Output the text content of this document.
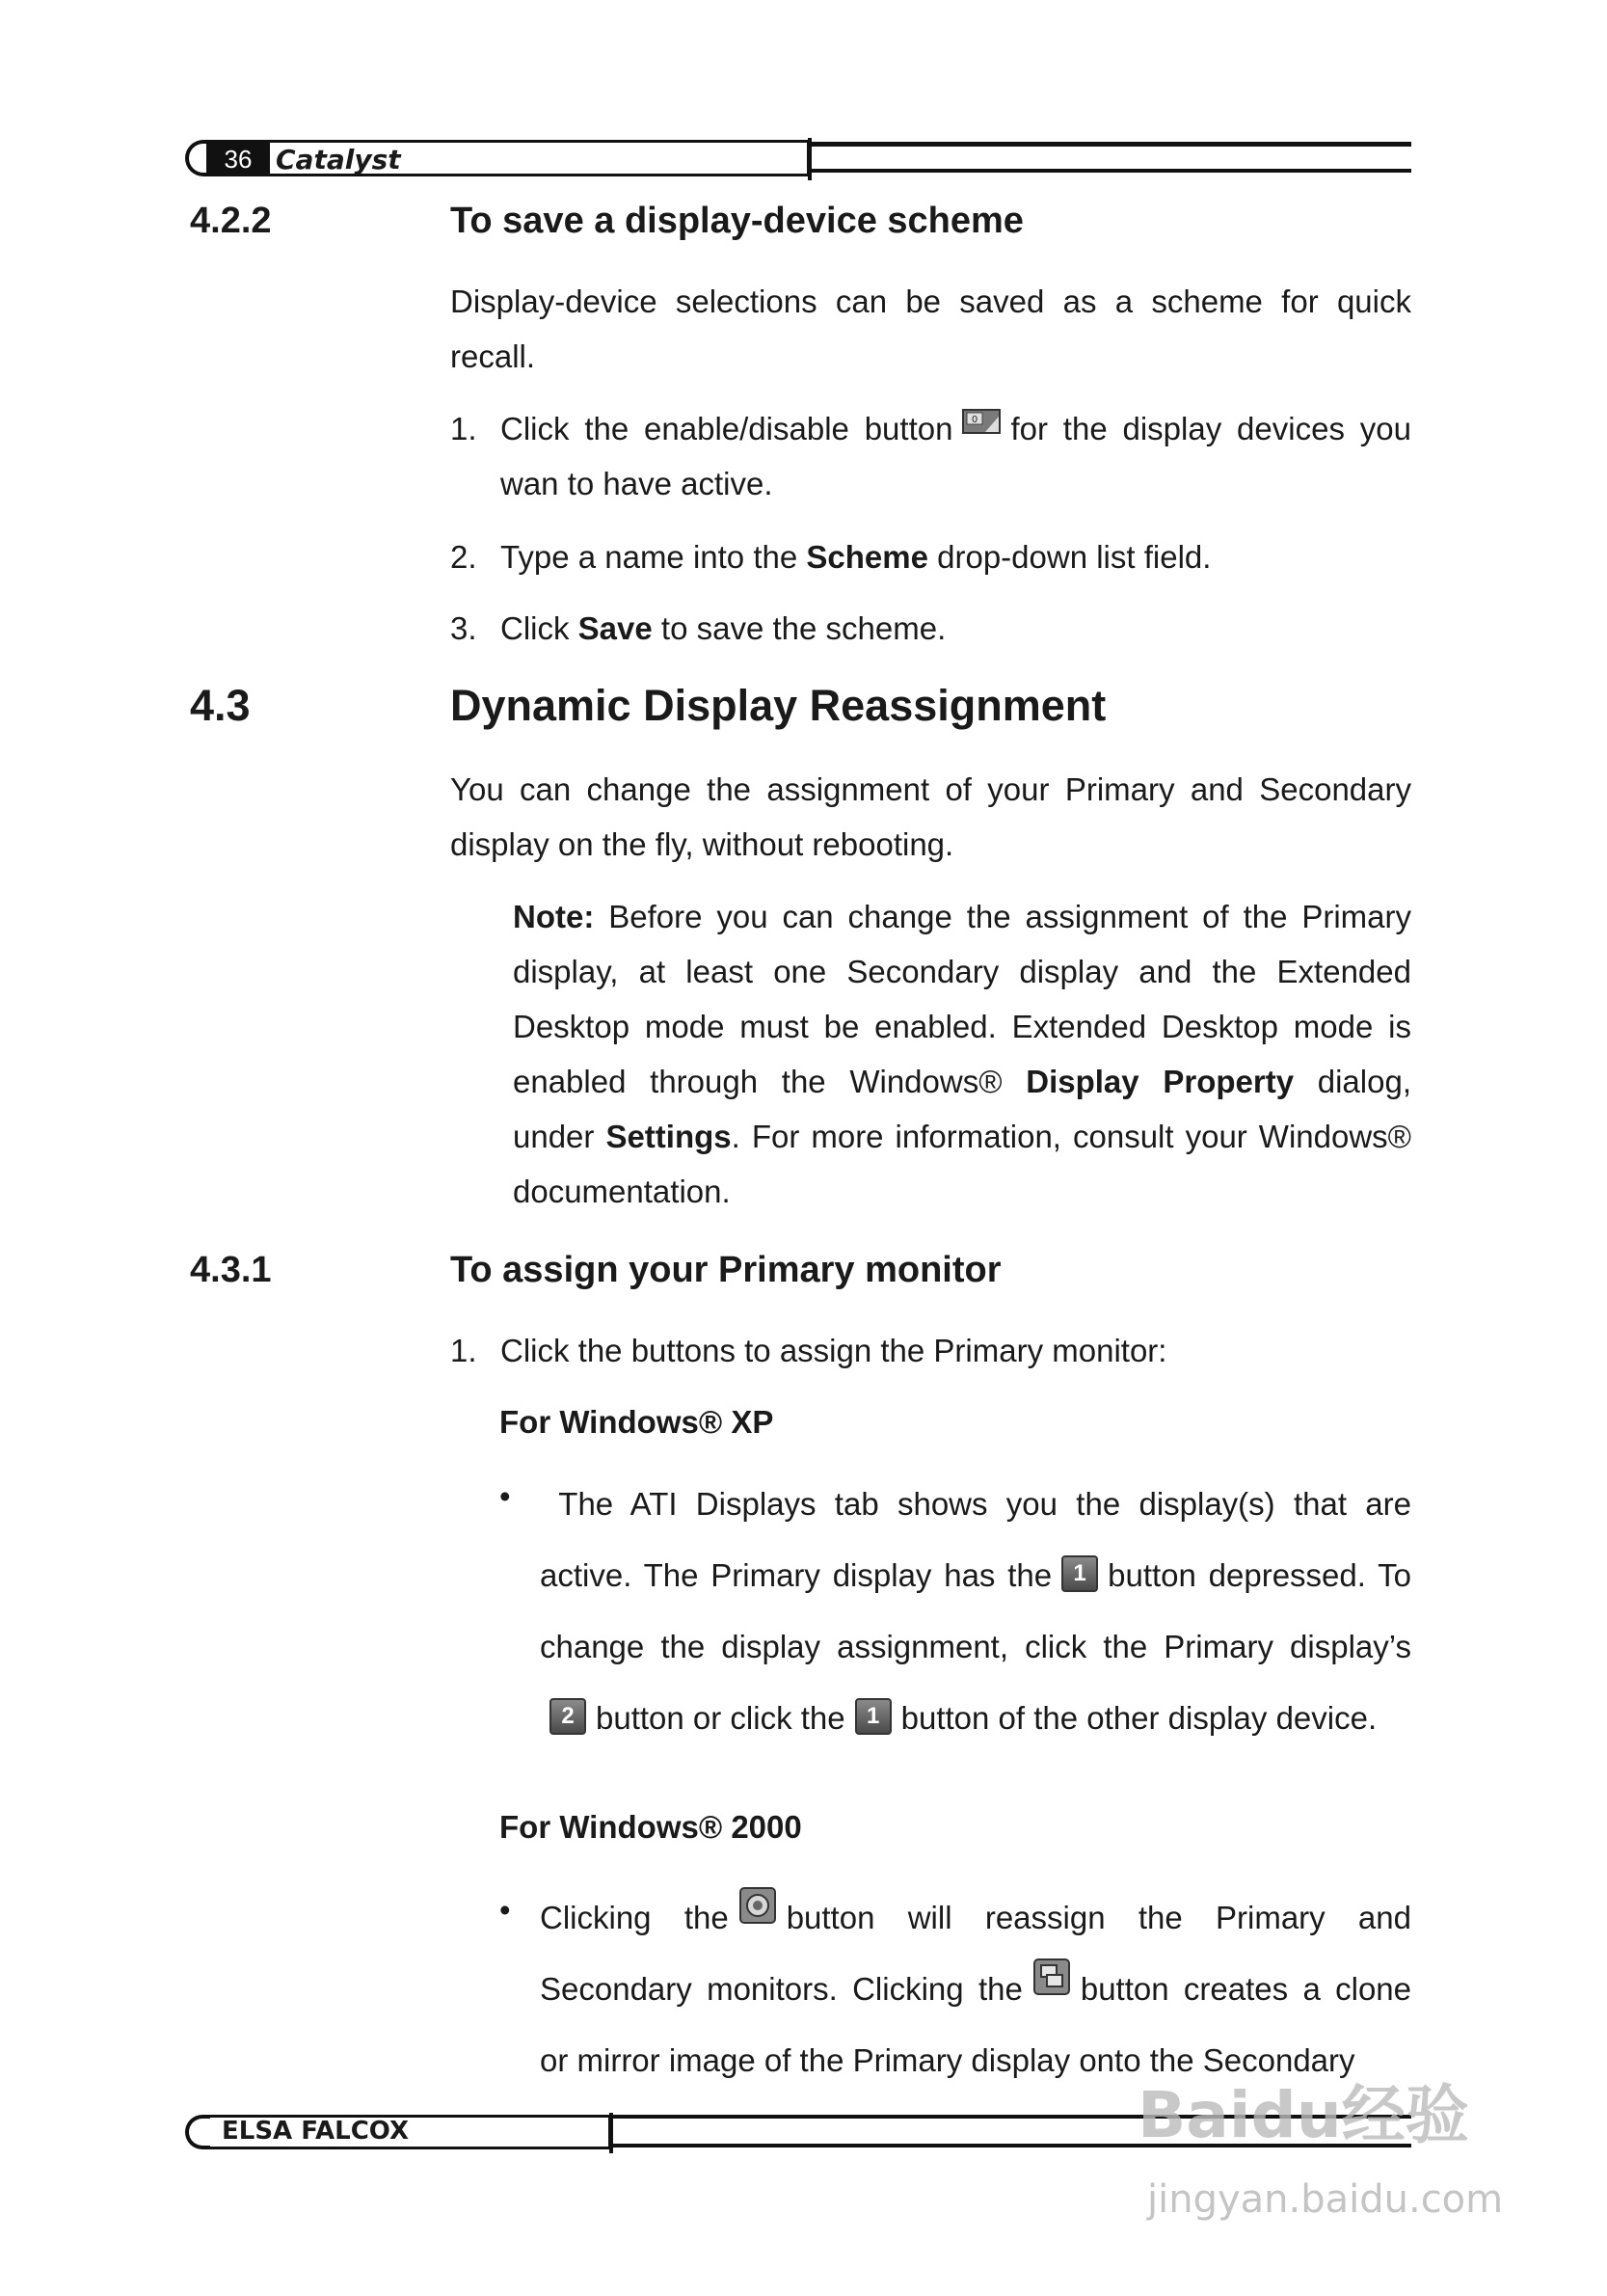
36 Catalyst
4.2.2	To save a display-device scheme
Display-device selections can be saved as a scheme for quick recall.
1. Click the enable/disable button 0 for the display devices you wan to have active.
2. Type a name into the Scheme drop-down list field.
3. Click Save to save the scheme.
4.3	Dynamic Display Reassignment
You can change the assignment of your Primary and Secondary display on the fly, without rebooting.
Note: Before you can change the assignment of the Primary display, at least one Secondary display and the Extended Desktop mode must be enabled. Extended Desktop mode is enabled through the Windows® Display Property dialog, under Settings. For more information, consult your Windows® documentation.
4.3.1	To assign your Primary monitor
1. Click the buttons to assign the Primary monitor:
For Windows® XP
•	The ATI Displays tab shows you the display(s) that are active. The Primary display has the 1 button depressed. To change the display assignment, click the Primary display’s2 button or click the 1 button of the other display device.
For Windows® 2000
• Clicking the button will reassign the Primary and Secondary monitors. Clicking the button creates a clone or mirror image of the Primary display onto the Secondary
ELSA FALCOX	Baidu经验
jingyan.baidu.com
